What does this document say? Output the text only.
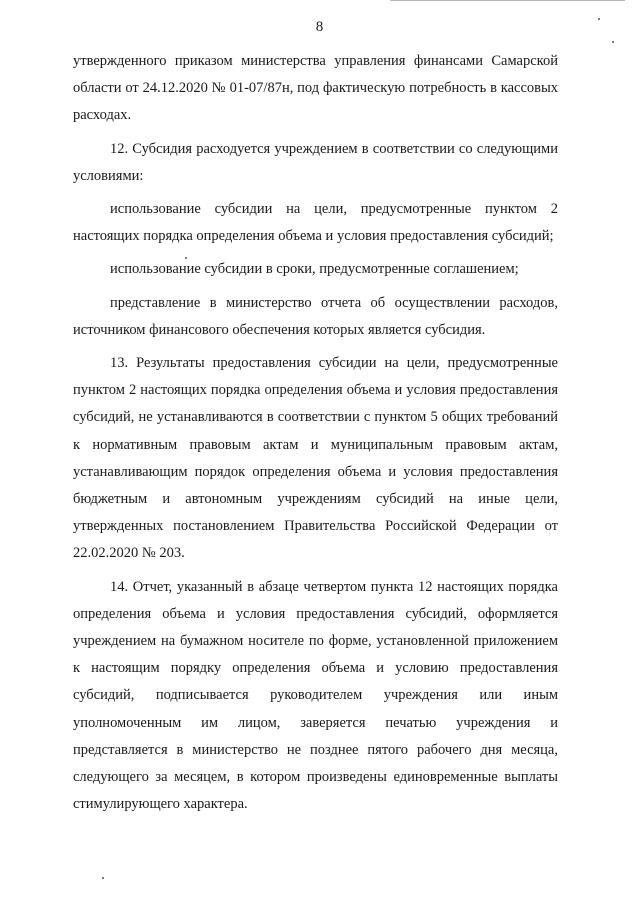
8

утвержденного приказом министерства управления финансами Самарской области от 24.12.2020 № 01-07/87н, под фактическую потребность в кассовых расходах.

12. Субсидия расходуется учреждением в соответствии со следующими условиями:

использование субсидии на цели, предусмотренные пунктом 2 настоящих порядка определения объема и условия предоставления субсидий;

использование субсидии в сроки, предусмотренные соглашением;

представление в министерство отчета об осуществлении расходов, источником финансового обеспечения которых является субсидия.

13. Результаты предоставления субсидии на цели, предусмотренные пунктом 2 настоящих порядка определения объема и условия предоставления субсидий, не устанавливаются в соответствии с пунктом 5 общих требований к нормативным правовым актам и муниципальным правовым актам, устанавливающим порядок определения объема и условия предоставления бюджетным и автономным учреждениям субсидий на иные цели, утвержденных постановлением Правительства Российской Федерации от 22.02.2020 № 203.

14. Отчет, указанный в абзаце четвертом пункта 12 настоящих порядка определения объема и условия предоставления субсидий, оформляется учреждением на бумажном носителе по форме, установленной приложением к настоящим порядку определения объема и условию предоставления субсидий, подписывается руководителем учреждения или иным уполномоченным им лицом, заверяется печатью учреждения и представляется в министерство не позднее пятого рабочего дня месяца, следующего за месяцем, в котором произведены единовременные выплаты стимулирующего характера.
